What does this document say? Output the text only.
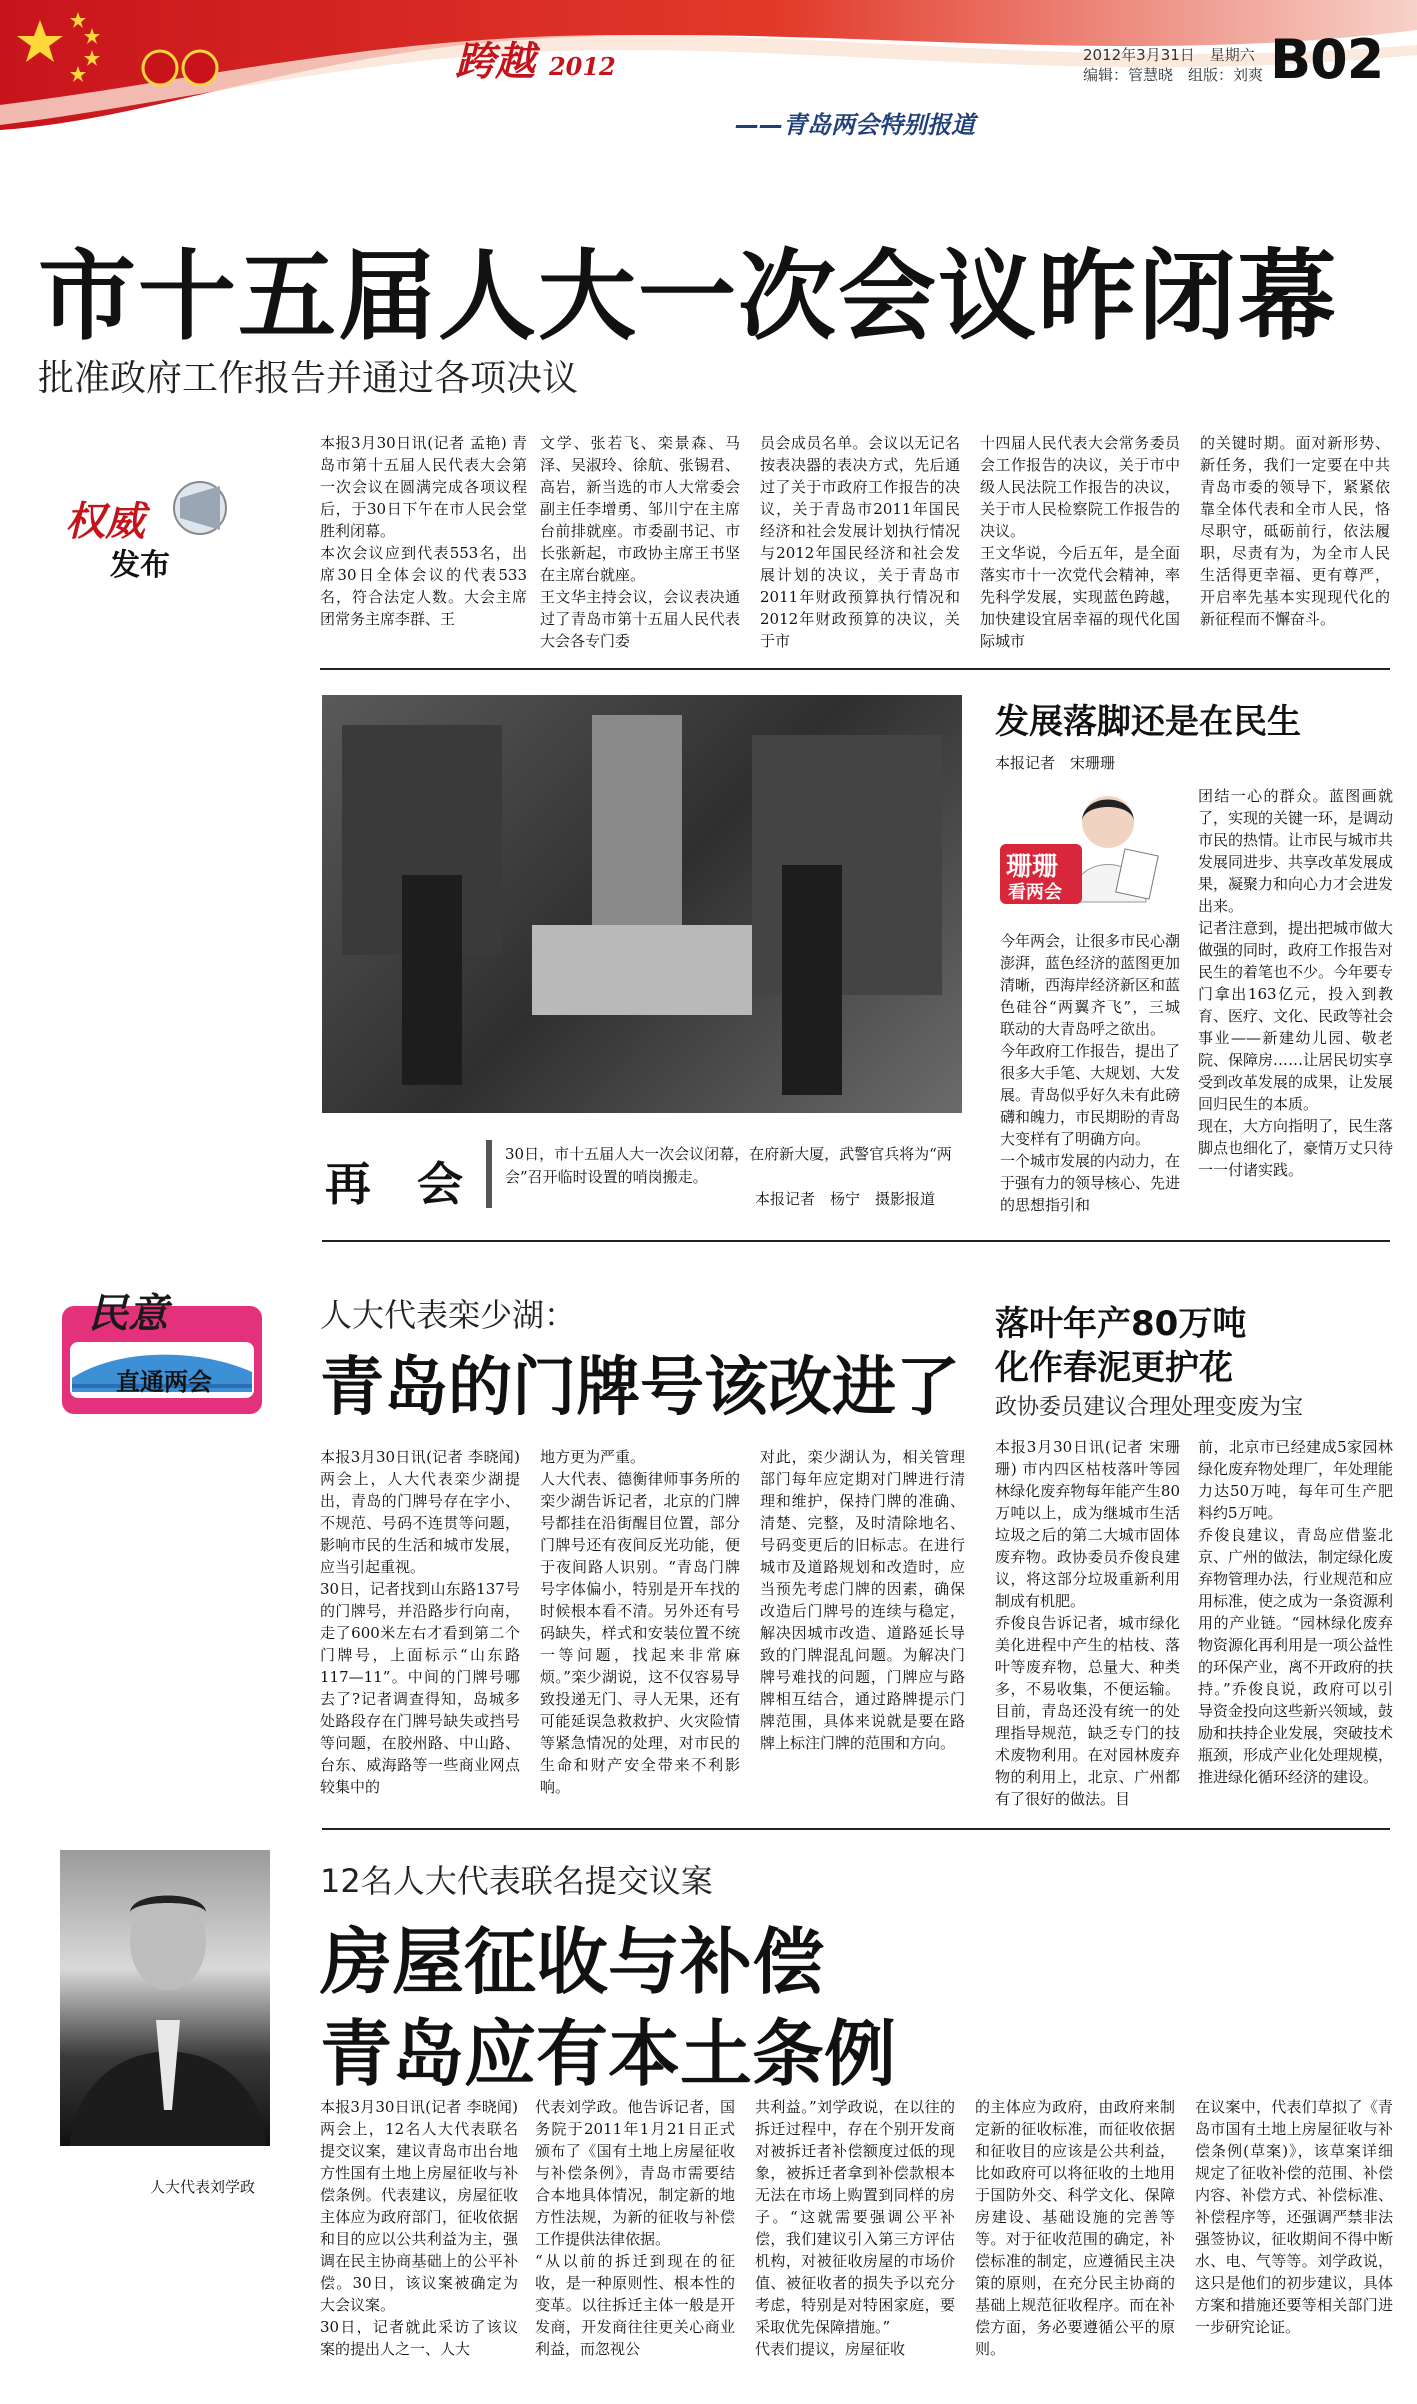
跨越 2012
——青岛两会特别报道
2012年3月31日　星期六
编辑：管慧晓　组版：刘爽 B02
市十五届人大一次会议昨闭幕
批准政府工作报告并通过各项决议
权威
发布
本报3月30日讯(记者 孟艳) 青岛市第十五届人民代表大会第一次会议在圆满完成各项议程后，于30日下午在市人民会堂胜利闭幕。
本次会议应到代表553名，出席30日全体会议的代表533名，符合法定人数。大会主席团常务主席李群、王
文学、张若飞、栾景森、马泽、吴淑玲、徐航、张锡君、高岩，新当选的市人大常委会副主任李增勇、邹川宁在主席台前排就座。市委副书记、市长张新起，市政协主席王书坚在主席台就座。
王文华主持会议，会议表决通过了青岛市第十五届人民代表大会各专门委
员会成员名单。会议以无记名按表决器的表决方式，先后通过了关于市政府工作报告的决议，关于青岛市2011年国民经济和社会发展计划执行情况与2012年国民经济和社会发展计划的决议，关于青岛市2011年财政预算执行情况和2012年财政预算的决议，关于市
十四届人民代表大会常务委员会工作报告的决议，关于市中级人民法院工作报告的决议，关于市人民检察院工作报告的决议。
王文华说，今后五年，是全面落实市十一次党代会精神，率先科学发展，实现蓝色跨越，加快建设宜居幸福的现代化国际城市
的关键时期。面对新形势、新任务，我们一定要在中共青岛市委的领导下，紧紧依靠全体代表和全市人民，恪尽职守，砥砺前行，依法履职，尽责有为，为全市人民生活得更幸福、更有尊严，开启率先基本实现现代化的新征程而不懈奋斗。
再　会
30日，市十五届人大一次会议闭幕，在府新大厦，武警官兵将为“两会”召开临时设置的哨岗搬走。
本报记者　杨宁　摄影报道
发展落脚还是在民生
本报记者　宋珊珊
珊珊
看两会
今年两会，让很多市民心潮澎湃，蓝色经济的蓝图更加清晰，西海岸经济新区和蓝色硅谷“两翼齐飞”，三城联动的大青岛呼之欲出。
今年政府工作报告，提出了很多大手笔、大规划、大发展。青岛似乎好久未有此磅礴和魄力，市民期盼的青岛大变样有了明确方向。
一个城市发展的内动力，在于强有力的领导核心、先进的思想指引和
团结一心的群众。蓝图画就了，实现的关键一环，是调动市民的热情。让市民与城市共发展同进步、共享改革发展成果，凝聚力和向心力才会进发出来。
记者注意到，提出把城市做大做强的同时，政府工作报告对民生的着笔也不少。今年要专门拿出163亿元，投入到教育、医疗、文化、民政等社会事业——新建幼儿园、敬老院、保障房……让居民切实享受到改革发展的成果，让发展回归民生的本质。
现在，大方向指明了，民生落脚点也细化了，豪情万丈只待一一付诸实践。
民意
直通两会
人大代表栾少湖：
青岛的门牌号该改进了
本报3月30日讯(记者 李晓闻) 两会上，人大代表栾少湖提出，青岛的门牌号存在字小、不规范、号码不连贯等问题，影响市民的生活和城市发展，应当引起重视。
30日，记者找到山东路137号的门牌号，并沿路步行向南，走了600米左右才看到第二个门牌号，上面标示“山东路117—11”。中间的门牌号哪去了?记者调查得知，岛城多处路段存在门牌号缺失或挡号等问题，在胶州路、中山路、台东、威海路等一些商业网点较集中的
地方更为严重。
人大代表、德衡律师事务所的栾少湖告诉记者，北京的门牌号都挂在沿街醒目位置，部分门牌号还有夜间反光功能，便于夜间路人识别。“青岛门牌号字体偏小，特别是开车找的时候根本看不清。另外还有号码缺失，样式和安装位置不统一等问题，找起来非常麻烦。”栾少湖说，这不仅容易导致投递无门、寻人无果，还有可能延误急救救护、火灾险情等紧急情况的处理，对市民的生命和财产安全带来不利影响。
对此，栾少湖认为，相关管理部门每年应定期对门牌进行清理和维护，保持门牌的准确、清楚、完整，及时清除地名、号码变更后的旧标志。在进行城市及道路规划和改造时，应当预先考虑门牌的因素，确保改造后门牌号的连续与稳定，解决因城市改造、道路延长导致的门牌混乱问题。为解决门牌号难找的问题，门牌应与路牌相互结合，通过路牌提示门牌范围，具体来说就是要在路牌上标注门牌的范围和方向。
落叶年产80万吨
化作春泥更护花
政协委员建议合理处理变废为宝
本报3月30日讯(记者 宋珊珊) 市内四区枯枝落叶等园林绿化废弃物每年能产生80万吨以上，成为继城市生活垃圾之后的第二大城市固体废弃物。政协委员乔俊良建议，将这部分垃圾重新利用制成有机肥。
乔俊良告诉记者，城市绿化美化进程中产生的枯枝、落叶等废弃物，总量大、种类多，不易收集，不便运输。目前，青岛还没有统一的处理指导规范，缺乏专门的技术废物利用。在对园林废弃物的利用上，北京、广州都有了很好的做法。目
前，北京市已经建成5家园林绿化废弃物处理厂，年处理能力达50万吨，每年可生产肥料约5万吨。
乔俊良建议，青岛应借鉴北京、广州的做法，制定绿化废弃物管理办法，行业规范和应用标准，使之成为一条资源利用的产业链。“园林绿化废弃物资源化再利用是一项公益性的环保产业，离不开政府的扶持。”乔俊良说，政府可以引导资金投向这些新兴领域，鼓励和扶持企业发展，突破技术瓶颈，形成产业化处理规模，推进绿化循环经济的建设。
人大代表刘学政
12名人大代表联名提交议案
房屋征收与补偿
青岛应有本土条例
本报3月30日讯(记者 李晓闻) 两会上，12名人大代表联名提交议案，建议青岛市出台地方性国有土地上房屋征收与补偿条例。代表建议，房屋征收主体应为政府部门，征收依据和目的应以公共利益为主，强调在民主协商基础上的公平补偿。30日，该议案被确定为大会议案。
30日，记者就此采访了该议案的提出人之一、人大
代表刘学政。他告诉记者，国务院于2011年1月21日正式颁布了《国有土地上房屋征收与补偿条例》，青岛市需要结合本地具体情况，制定新的地方性法规，为新的征收与补偿工作提供法律依据。
“从以前的拆迁到现在的征收，是一种原则性、根本性的变革。以往拆迁主体一般是开发商，开发商往往更关心商业利益，而忽视公
共利益。”刘学政说，在以往的拆迁过程中，存在个别开发商对被拆迁者补偿额度过低的现象，被拆迁者拿到补偿款根本无法在市场上购置到同样的房子。“这就需要强调公平补偿，我们建议引入第三方评估机构，对被征收房屋的市场价值、被征收者的损失予以充分考虑，特别是对特困家庭，要采取优先保障措施。”
代表们提议，房屋征收
的主体应为政府，由政府来制定新的征收标准，而征收依据和征收目的应该是公共利益，比如政府可以将征收的土地用于国防外交、科学文化、保障房建设、基础设施的完善等等。对于征收范围的确定，补偿标准的制定，应遵循民主决策的原则，在充分民主协商的基础上规范征收程序。而在补偿方面，务必要遵循公平的原则。
在议案中，代表们草拟了《青岛市国有土地上房屋征收与补偿条例(草案)》，该草案详细规定了征收补偿的范围、补偿内容、补偿方式、补偿标准、补偿程序等，还强调严禁非法强签协议，征收期间不得中断水、电、气等等。刘学政说，这只是他们的初步建议，具体方案和措施还要等相关部门进一步研究论证。
